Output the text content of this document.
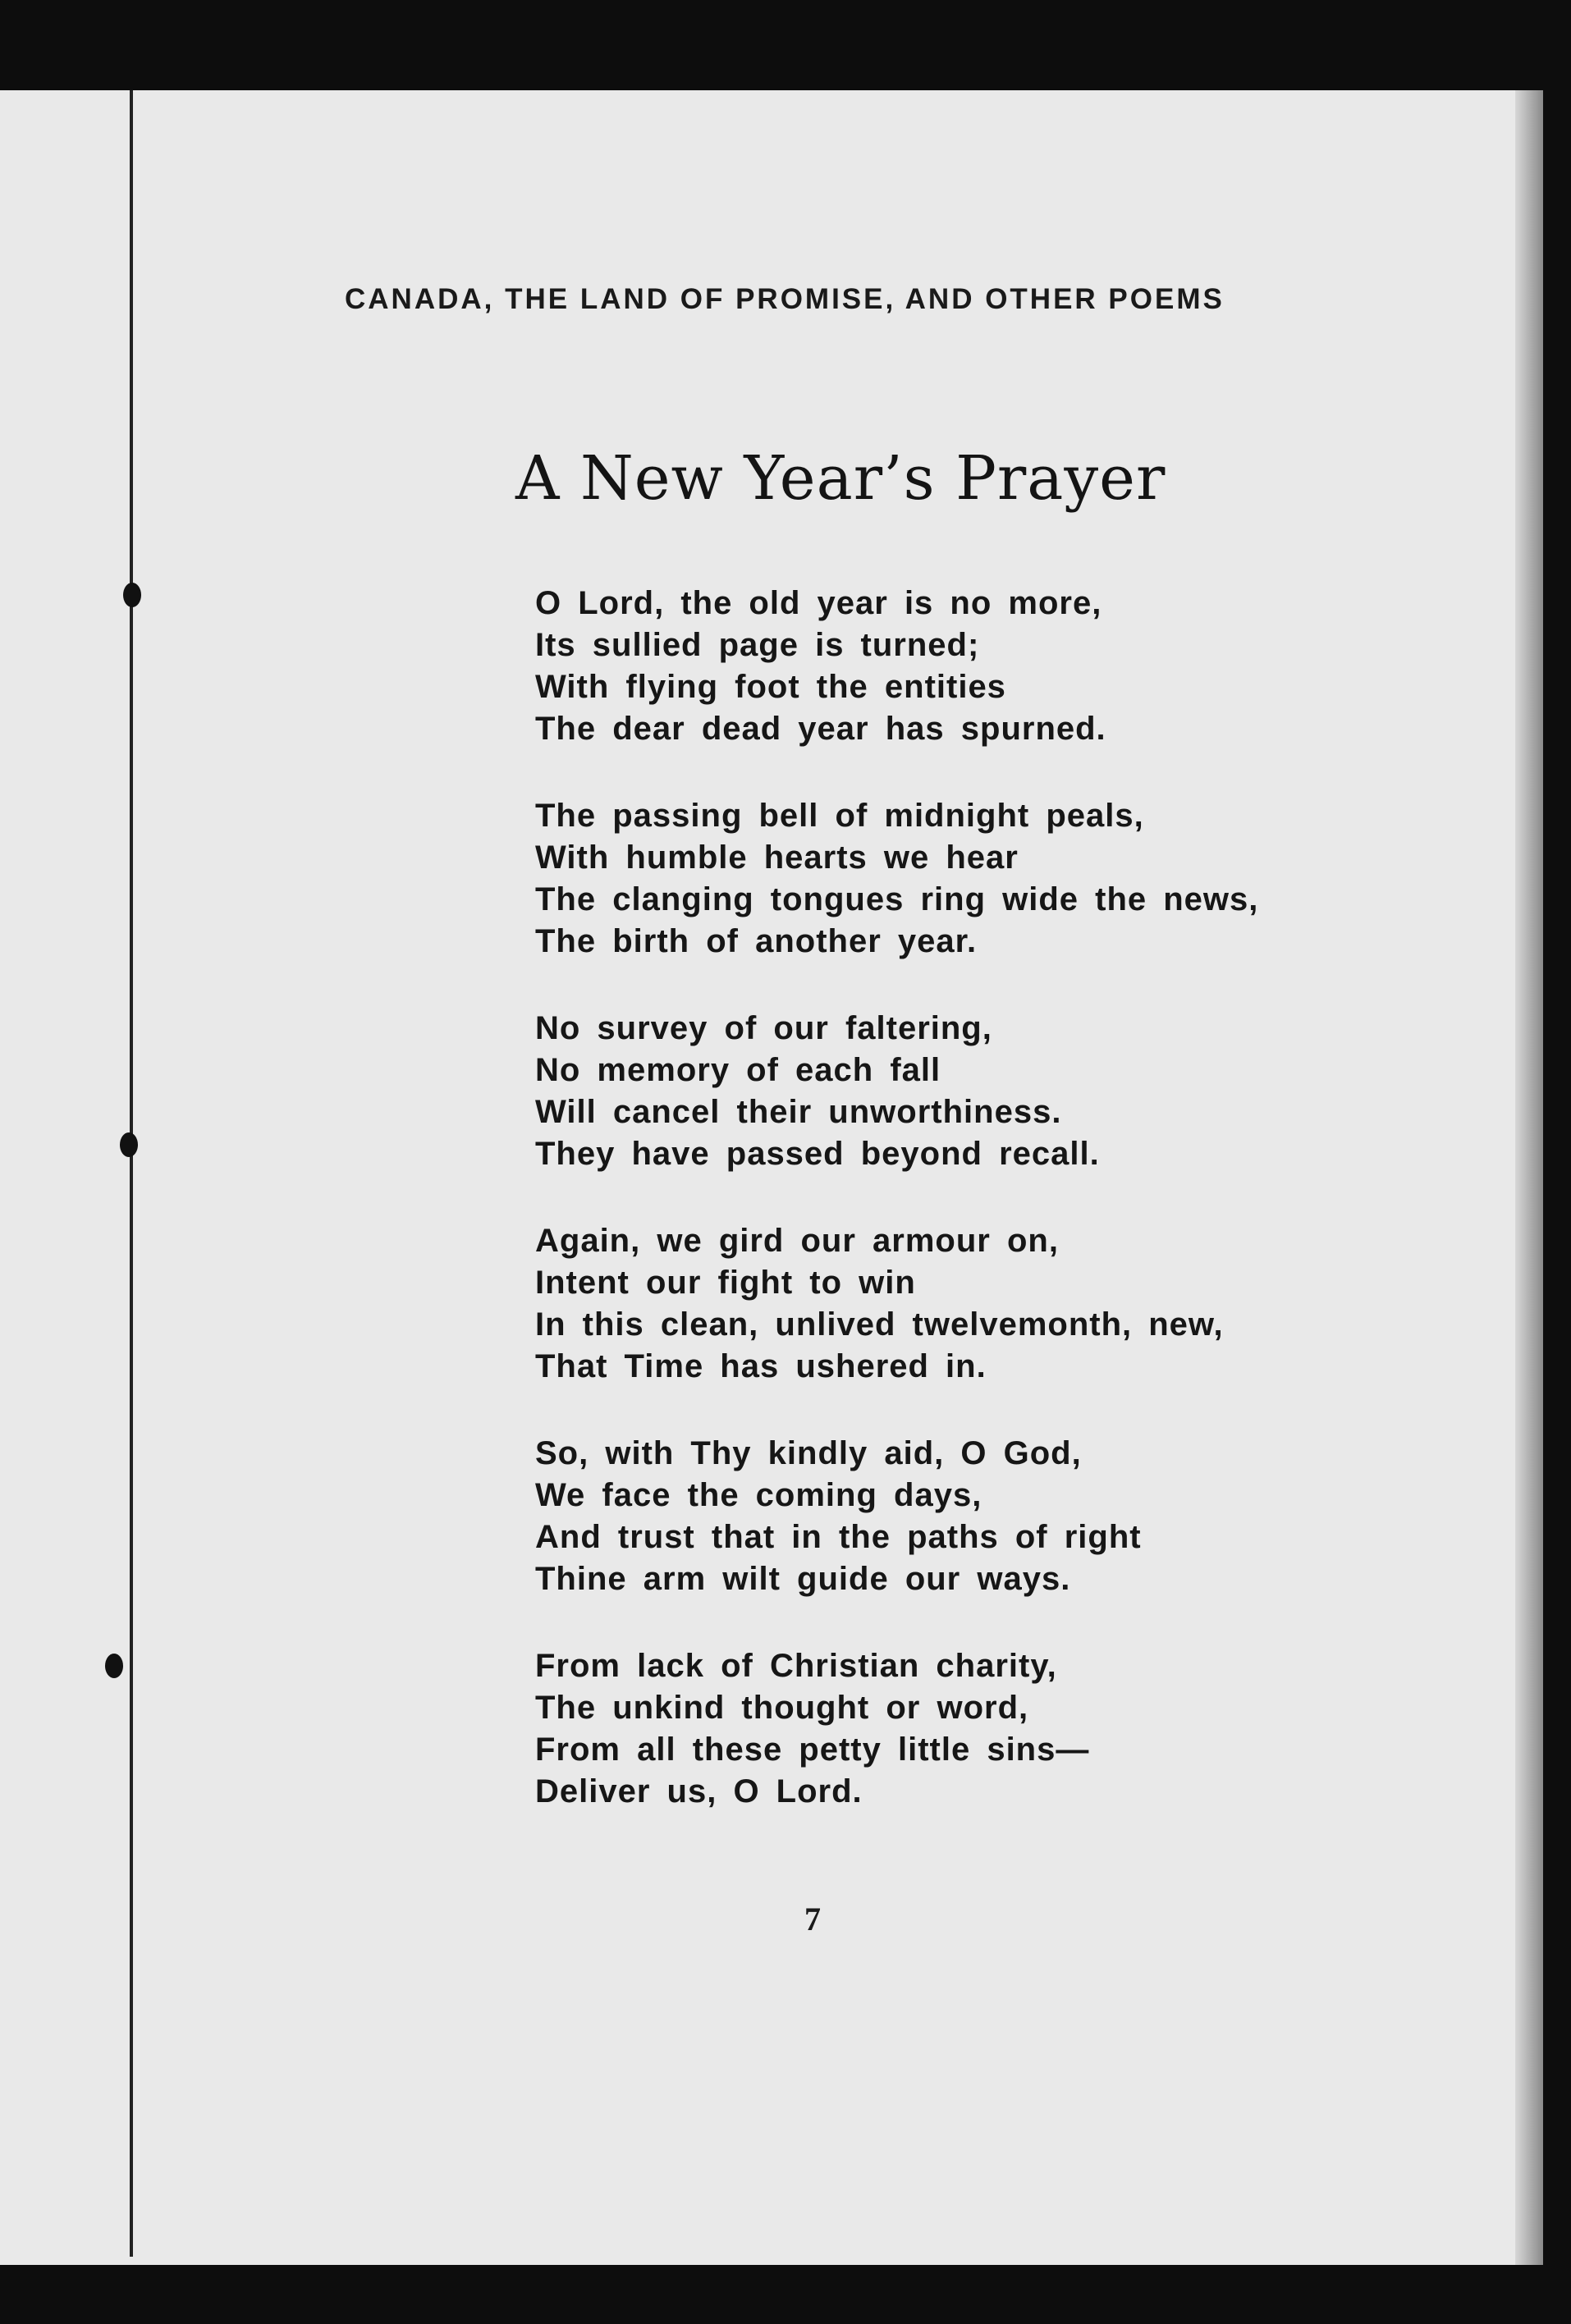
CANADA, THE LAND OF PROMISE, AND OTHER POEMS
A New Year’s Prayer
O Lord, the old year is no more,
Its sullied page is turned;
With flying foot the entities
The dear dead year has spurned.
The passing bell of midnight peals,
With humble hearts we hear
The clanging tongues ring wide the news,
The birth of another year.
No survey of our faltering,
No memory of each fall
Will cancel their unworthiness.
They have passed beyond recall.
Again, we gird our armour on,
Intent our fight to win
In this clean, unlived twelvemonth, new,
That Time has ushered in.
So, with Thy kindly aid, O God,
We face the coming days,
And trust that in the paths of right
Thine arm wilt guide our ways.
From lack of Christian charity,
The unkind thought or word,
From all these petty little sins—
Deliver us, O Lord.
7
